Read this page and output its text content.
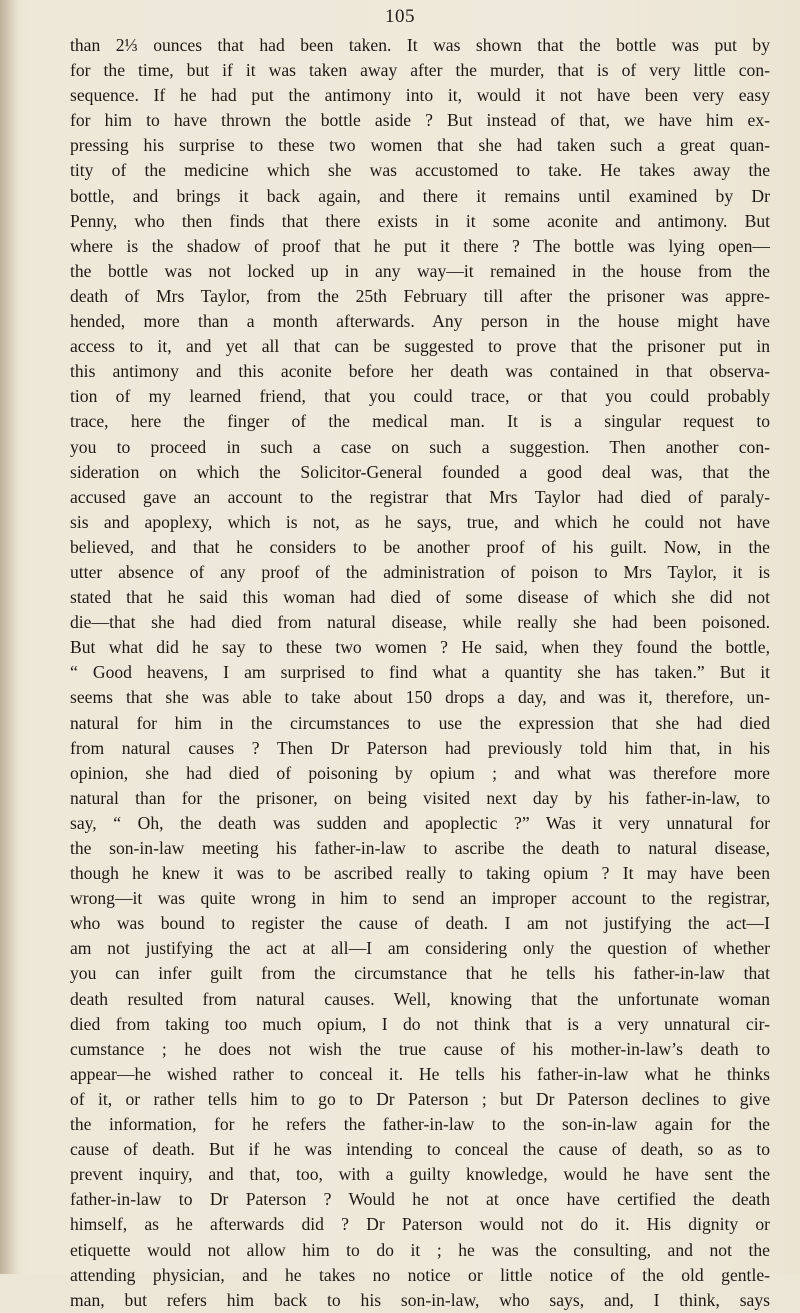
105
than 2⅓ ounces that had been taken. It was shown that the bottle was put by
for the time, but if it was taken away after the murder, that is of very little con-
sequence. If he had put the antimony into it, would it not have been very easy
for him to have thrown the bottle aside ? But instead of that, we have him ex-
pressing his surprise to these two women that she had taken such a great quan-
tity of the medicine which she was accustomed to take. He takes away the
bottle, and brings it back again, and there it remains until examined by Dr
Penny, who then finds that there exists in it some aconite and antimony. But
where is the shadow of proof that he put it there ? The bottle was lying open—
the bottle was not locked up in any way—it remained in the house from the
death of Mrs Taylor, from the 25th February till after the prisoner was appre-
hended, more than a month afterwards. Any person in the house might have
access to it, and yet all that can be suggested to prove that the prisoner put in
this antimony and this aconite before her death was contained in that observa-
tion of my learned friend, that you could trace, or that you could probably
trace, here the finger of the medical man. It is a singular request to
you to proceed in such a case on such a suggestion. Then another con-
sideration on which the Solicitor-General founded a good deal was, that the
accused gave an account to the registrar that Mrs Taylor had died of paraly-
sis and apoplexy, which is not, as he says, true, and which he could not have
believed, and that he considers to be another proof of his guilt. Now, in the
utter absence of any proof of the administration of poison to Mrs Taylor, it is
stated that he said this woman had died of some disease of which she did not
die—that she had died from natural disease, while really she had been poisoned.
But what did he say to these two women ? He said, when they found the bottle,
“ Good heavens, I am surprised to find what a quantity she has taken.” But it
seems that she was able to take about 150 drops a day, and was it, therefore, un-
natural for him in the circumstances to use the expression that she had died
from natural causes ? Then Dr Paterson had previously told him that, in his
opinion, she had died of poisoning by opium ; and what was therefore more
natural than for the prisoner, on being visited next day by his father-in-law, to
say, “ Oh, the death was sudden and apoplectic ?” Was it very unnatural for
the son-in-law meeting his father-in-law to ascribe the death to natural disease,
though he knew it was to be ascribed really to taking opium ? It may have been
wrong—it was quite wrong in him to send an improper account to the registrar,
who was bound to register the cause of death. I am not justifying the act—I
am not justifying the act at all—I am considering only the question of whether
you can infer guilt from the circumstance that he tells his father-in-law that
death resulted from natural causes. Well, knowing that the unfortunate woman
died from taking too much opium, I do not think that is a very unnatural cir-
cumstance ; he does not wish the true cause of his mother-in-law’s death to
appear—he wished rather to conceal it. He tells his father-in-law what he thinks
of it, or rather tells him to go to Dr Paterson ; but Dr Paterson declines to give
the information, for he refers the father-in-law to the son-in-law again for the
cause of death. But if he was intending to conceal the cause of death, so as to
prevent inquiry, and that, too, with a guilty knowledge, would he have sent the
father-in-law to Dr Paterson ? Would he not at once have certified the death
himself, as he afterwards did ? Dr Paterson would not do it. His dignity or
etiquette would not allow him to do it ; he was the consulting, and not the
attending physician, and he takes no notice or little notice of the old gentle-
man, but refers him back to his son-in-law, who says, and, I think, says
